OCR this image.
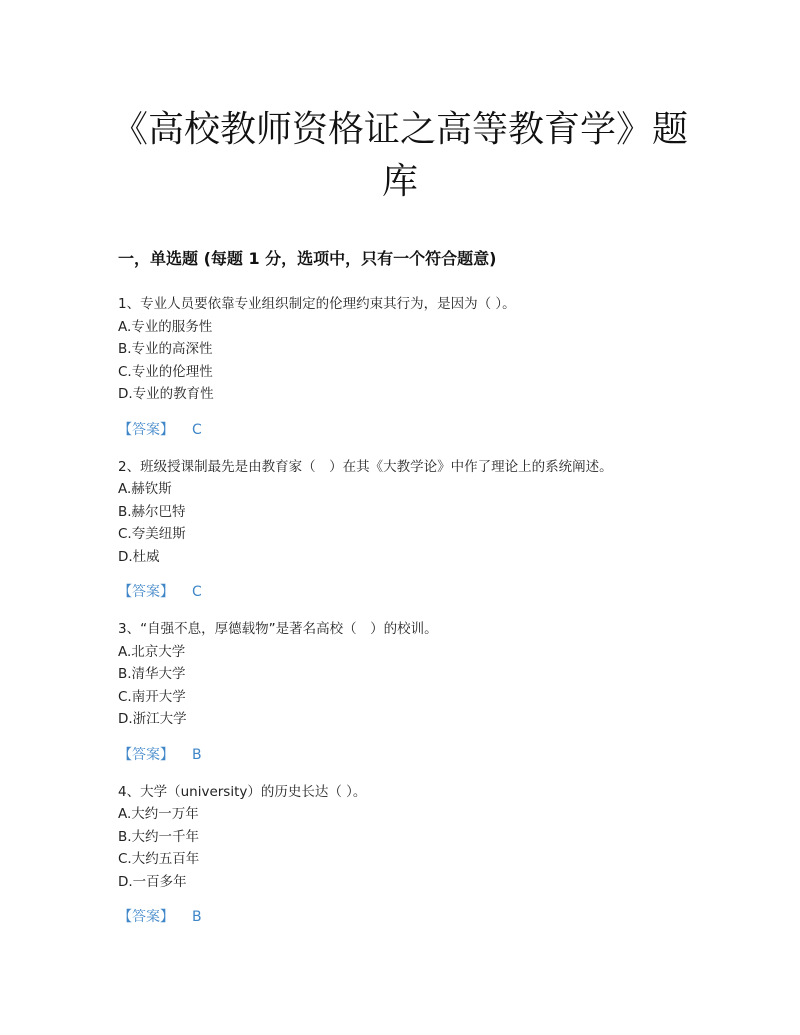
《高校教师资格证之高等教育学》题
库
一，单选题 (每题 1 分，选项中，只有一个符合题意)
1、专业人员要依靠专业组织制定的伦理约束其行为，是因为（ ）。
A.专业的服务性
B.专业的高深性
C.专业的伦理性
D.专业的教育性
【答案】 C
2、班级授课制最先是由教育家（　）在其《大教学论》中作了理论上的系统阐述。
A.赫钦斯
B.赫尔巴特
C.夸美纽斯
D.杜威
【答案】 C
3、“自强不息，厚德载物”是著名高校（　）的校训。
A.北京大学
B.清华大学
C.南开大学
D.浙江大学
【答案】 B
4、大学（university）的历史长达（ ）。
A.大约一万年
B.大约一千年
C.大约五百年
D.一百多年
【答案】 B
